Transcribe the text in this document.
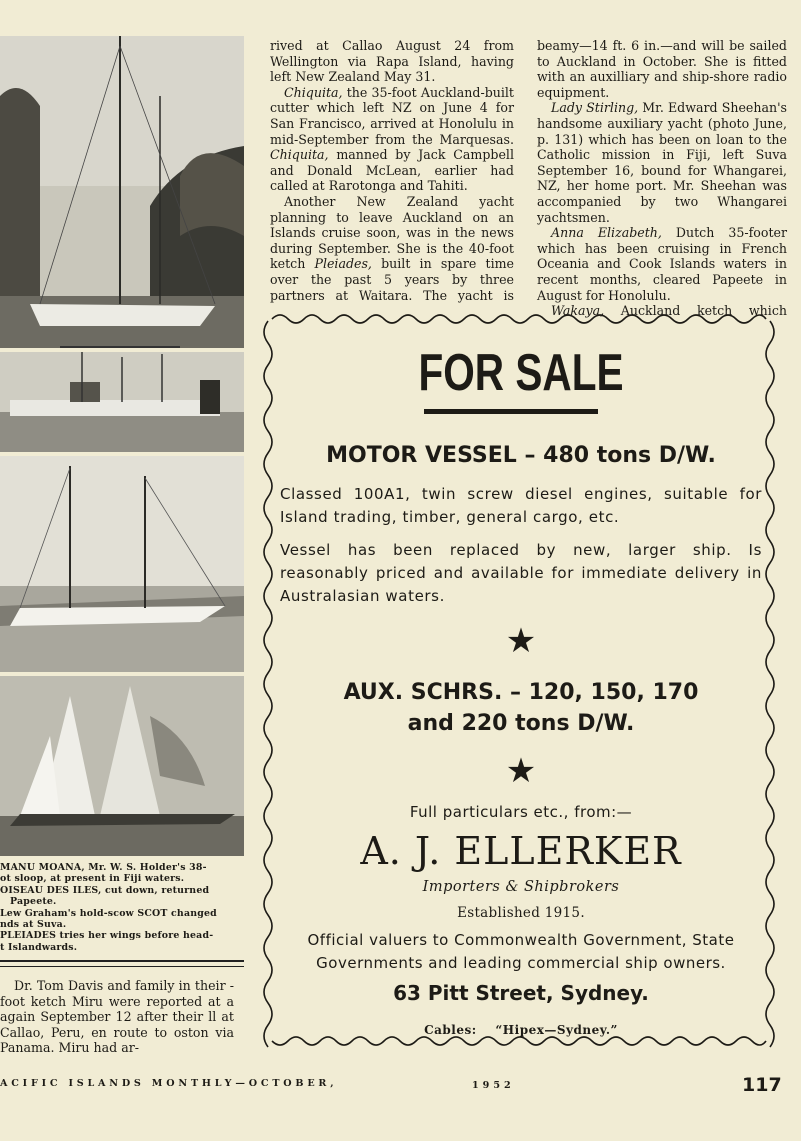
MANU MOANA, Mr. W. S. Holder's 38-

ot sloop, at present in Fiji waters.

OISEAU DES ILES, cut down, returned

Papeete.

Lew Graham's hold-scow SCOT changed

nds at Suva.

PLEIADES tries her wings before head-

t Islandwards.

Dr. Tom Davis and family in their -foot ketch Miru were reported at a again September 12 after their ll at Callao, Peru, en route to oston via Panama. Miru had ar-

rived at Callao August 24 from Wellington via Rapa Island, having left New Zealand May 31.

Chiquita, the 35-foot Auckland-built cutter which left NZ on June 4 for San Francisco, arrived at Honolulu in mid-September from the Marquesas. Chiquita, manned by Jack Campbell and Donald McLean, earlier had called at Rarotonga and Tahiti.

Another New Zealand yacht planning to leave Auckland on an Islands cruise soon, was in the news during September. She is the 40-foot ketch Pleiades, built in spare time over the past 5 years by three partners at Waitara. The yacht is

beamy—14 ft. 6 in.—and will be sailed to Auckland in October. She is fitted with an auxilliary and ship-shore radio equipment.

Lady Stirling, Mr. Edward Sheehan's handsome auxiliary yacht (photo June, p. 131) which has been on loan to the Catholic mission in Fiji, left Suva September 16, bound for Whangarei, NZ, her home port. Mr. Sheehan was accompanied by two Whangarei yachtsmen.

Anna Elizabeth, Dutch 35-footer which has been cruising in French Oceania and Cook Islands waters in recent months, cleared Papeete in August for Honolulu.

Wakaya, Auckland ketch which

FOR SALE
MOTOR VESSEL – 480 tons D/W.
Classed 100A1, twin screw diesel engines, suitable for Island trading, timber, general cargo, etc.
Vessel has been replaced by new, larger ship. Is reasonably priced and available for immediate delivery in Australasian waters.
★
AUX. SCHRS. – 120, 150, 170
and 220 tons D/W.
★
Full particulars etc., from:—
A. J. ELLERKER
Importers & Shipbrokers
Established 1915.
Official valuers to Commonwealth Government, State Governments and leading commercial ship owners.
63 Pitt Street, Sydney.
Cables: “Hipex—Sydney.”
ACIFIC ISLANDS MONTHLY—OCTOBER,	1952	117
